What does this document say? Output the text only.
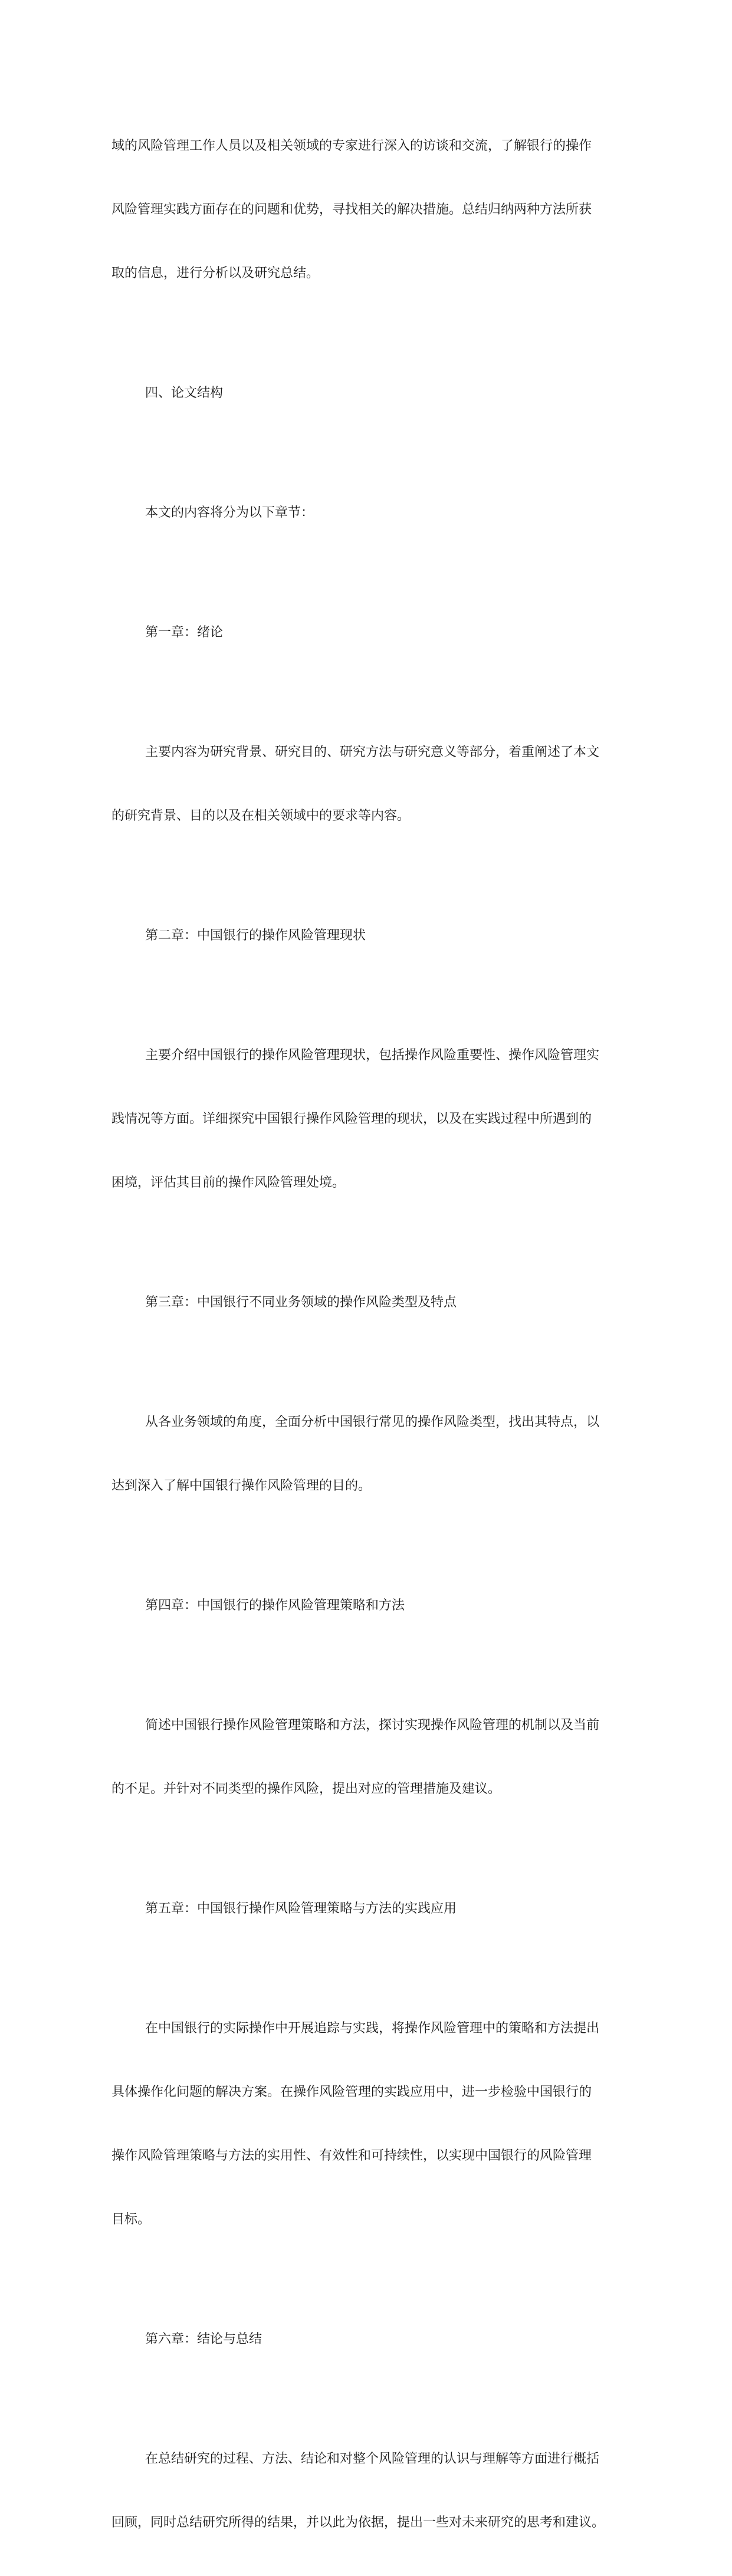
域的风险管理工作人员以及相关领域的专家进行深入的访谈和交流，了解银行的操作

风险管理实践方面存在的问题和优势，寻找相关的解决措施。总结归纳两种方法所获

取的信息，进行分析以及研究总结。

四、论文结构

本文的内容将分为以下章节：

第一章：绪论

主要内容为研究背景、研究目的、研究方法与研究意义等部分，着重阐述了本文

的研究背景、目的以及在相关领域中的要求等内容。

第二章：中国银行的操作风险管理现状

主要介绍中国银行的操作风险管理现状，包括操作风险重要性、操作风险管理实

践情况等方面。详细探究中国银行操作风险管理的现状，以及在实践过程中所遇到的

困境，评估其目前的操作风险管理处境。

第三章：中国银行不同业务领域的操作风险类型及特点

从各业务领域的角度，全面分析中国银行常见的操作风险类型，找出其特点，以

达到深入了解中国银行操作风险管理的目的。

第四章：中国银行的操作风险管理策略和方法

简述中国银行操作风险管理策略和方法，探讨实现操作风险管理的机制以及当前

的不足。并针对不同类型的操作风险，提出对应的管理措施及建议。

第五章：中国银行操作风险管理策略与方法的实践应用

在中国银行的实际操作中开展追踪与实践，将操作风险管理中的策略和方法提出

具体操作化问题的解决方案。在操作风险管理的实践应用中，进一步检验中国银行的

操作风险管理策略与方法的实用性、有效性和可持续性，以实现中国银行的风险管理

目标。

第六章：结论与总结

在总结研究的过程、方法、结论和对整个风险管理的认识与理解等方面进行概括

回顾，同时总结研究所得的结果，并以此为依据，提出一些对未来研究的思考和建议。
